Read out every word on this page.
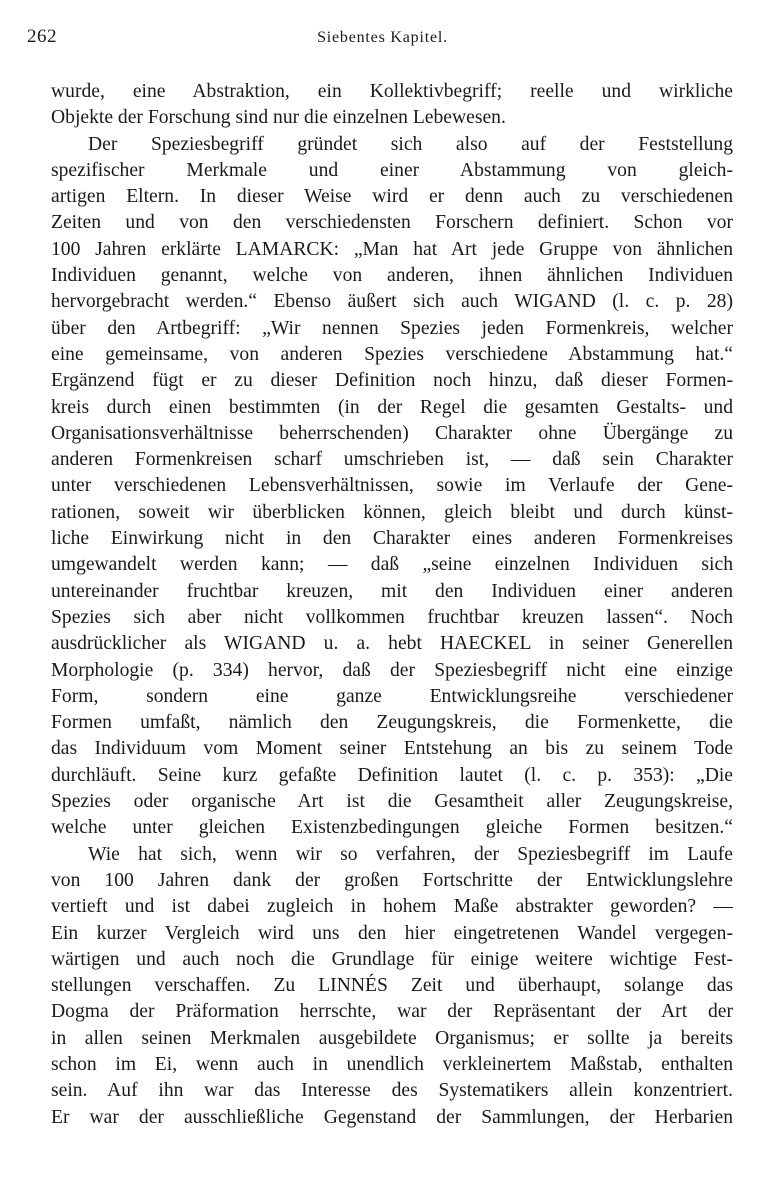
262	Siebentes Kapitel.
wurde, eine Abstraktion, ein Kollektivbegriff; reelle und wirkliche
Objekte der Forschung sind nur die einzelnen Lebewesen.
Der Speziesbegriff gründet sich also auf der Feststellung
spezifischer Merkmale und einer Abstammung von gleich-
artigen Eltern. In dieser Weise wird er denn auch zu verschiedenen
Zeiten und von den verschiedensten Forschern definiert. Schon vor
100 Jahren erklärte LAMARCK: „Man hat Art jede Gruppe von ähnlichen
Individuen genannt, welche von anderen, ihnen ähnlichen Individuen
hervorgebracht werden.“ Ebenso äußert sich auch WIGAND (l. c. p. 28)
über den Artbegriff: „Wir nennen Spezies jeden Formenkreis, welcher
eine gemeinsame, von anderen Spezies verschiedene Abstammung hat.“
Ergänzend fügt er zu dieser Definition noch hinzu, daß dieser Formen-
kreis durch einen bestimmten (in der Regel die gesamten Gestalts- und
Organisationsverhältnisse beherrschenden) Charakter ohne Übergänge zu
anderen Formenkreisen scharf umschrieben ist, — daß sein Charakter
unter verschiedenen Lebensverhältnissen, sowie im Verlaufe der Gene-
rationen, soweit wir überblicken können, gleich bleibt und durch künst-
liche Einwirkung nicht in den Charakter eines anderen Formenkreises
umgewandelt werden kann; — daß „seine einzelnen Individuen sich
untereinander fruchtbar kreuzen, mit den Individuen einer anderen
Spezies sich aber nicht vollkommen fruchtbar kreuzen lassen“. Noch
ausdrücklicher als WIGAND u. a. hebt HAECKEL in seiner Generellen
Morphologie (p. 334) hervor, daß der Speziesbegriff nicht eine einzige
Form, sondern eine ganze Entwicklungsreihe verschiedener
Formen umfaßt, nämlich den Zeugungskreis, die Formenkette, die
das Individuum vom Moment seiner Entstehung an bis zu seinem Tode
durchläuft. Seine kurz gefaßte Definition lautet (l. c. p. 353): „Die
Spezies oder organische Art ist die Gesamtheit aller Zeugungskreise,
welche unter gleichen Existenzbedingungen gleiche Formen besitzen.“
Wie hat sich, wenn wir so verfahren, der Speziesbegriff im Laufe
von 100 Jahren dank der großen Fortschritte der Entwicklungslehre
vertieft und ist dabei zugleich in hohem Maße abstrakter geworden? —
Ein kurzer Vergleich wird uns den hier eingetretenen Wandel vergegen-
wärtigen und auch noch die Grundlage für einige weitere wichtige Fest-
stellungen verschaffen. Zu LINNÉS Zeit und überhaupt, solange das
Dogma der Präformation herrschte, war der Repräsentant der Art der
in allen seinen Merkmalen ausgebildete Organismus; er sollte ja bereits
schon im Ei, wenn auch in unendlich verkleinertem Maßstab, enthalten
sein. Auf ihn war das Interesse des Systematikers allein konzentriert.
Er war der ausschließliche Gegenstand der Sammlungen, der Herbarien
